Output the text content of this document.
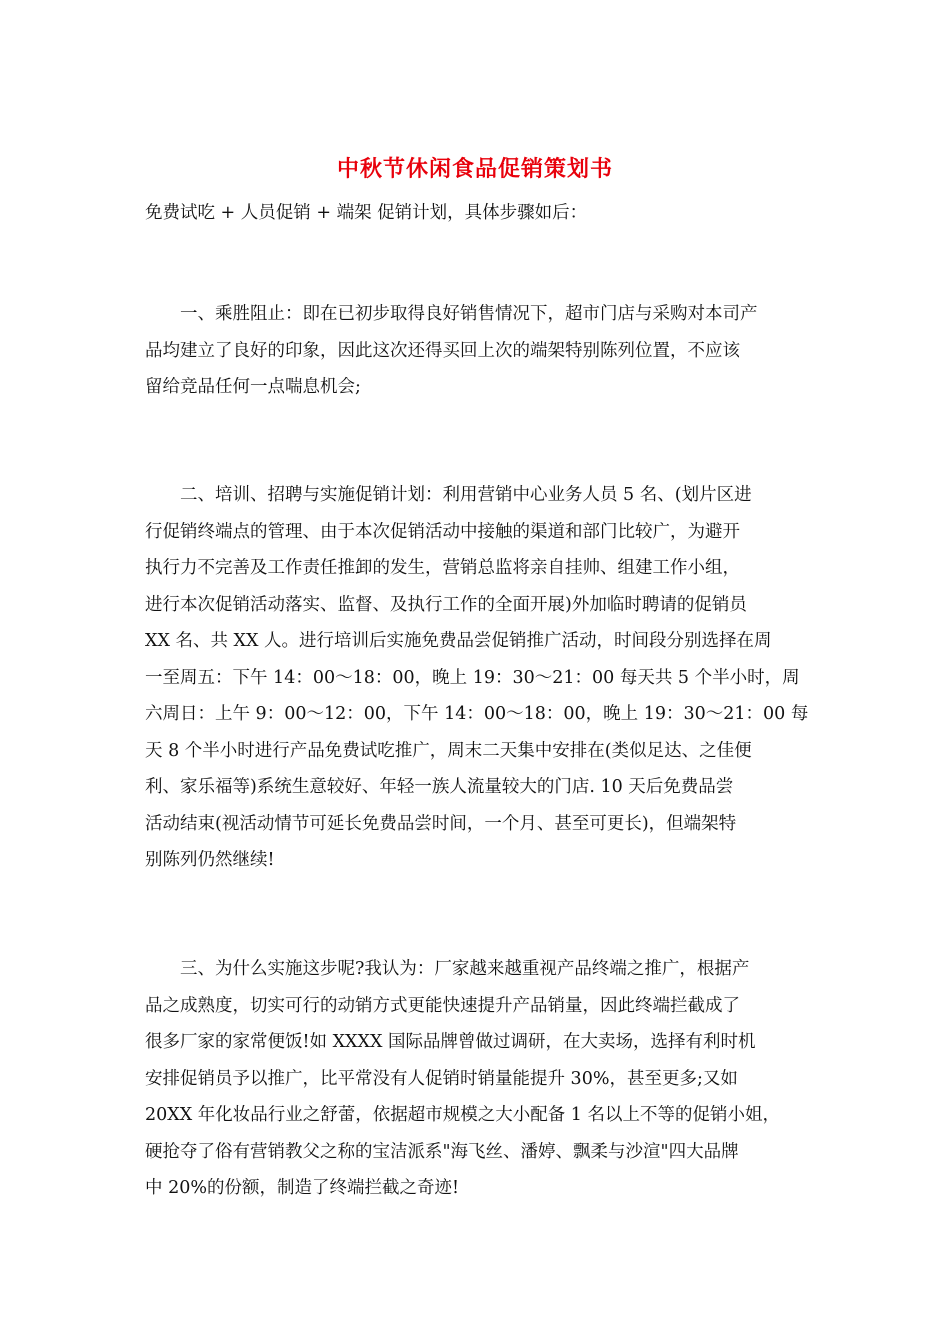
中秋节休闲食品促销策划书
免费试吃 + 人员促销 + 端架 促销计划，具体步骤如后：
　　一、乘胜阻止：即在已初步取得良好销售情况下，超市门店与采购对本司产
品均建立了良好的印象，因此这次还得买回上次的端架特别陈列位置，不应该
留给竞品任何一点喘息机会;
　　二、培训、招聘与实施促销计划：利用营销中心业务人员 5 名、(划片区进
行促销终端点的管理、由于本次促销活动中接触的渠道和部门比较广，为避开
执行力不完善及工作责任推卸的发生，营销总监将亲自挂帅、组建工作小组，
进行本次促销活动落实、监督、及执行工作的全面开展)外加临时聘请的促销员
XX 名、共 XX 人。进行培训后实施免费品尝促销推广活动，时间段分别选择在周
一至周五：下午 14：00～18：00，晚上 19：30～21：00 每天共 5 个半小时，周
六周日：上午 9：00～12：00，下午 14：00～18：00，晚上 19：30～21：00 每
天 8 个半小时进行产品免费试吃推广，周末二天集中安排在(类似足达、之佳便
利、家乐福等)系统生意较好、年轻一族人流量较大的门店. 10 天后免费品尝
活动结束(视活动情节可延长免费品尝时间，一个月、甚至可更长)，但端架特
别陈列仍然继续!
　　三、为什么实施这步呢?我认为：厂家越来越重视产品终端之推广，根据产
品之成熟度，切实可行的动销方式更能快速提升产品销量，因此终端拦截成了
很多厂家的家常便饭!如 XXXX 国际品牌曾做过调研，在大卖场，选择有利时机
安排促销员予以推广，比平常没有人促销时销量能提升 30%，甚至更多;又如
20XX 年化妆品行业之舒蕾，依据超市规模之大小配备 1 名以上不等的促销小姐，
硬抢夺了俗有营销教父之称的宝洁派系"海飞丝、潘婷、飘柔与沙渲"四大品牌
中 20%的份额，制造了终端拦截之奇迹!
